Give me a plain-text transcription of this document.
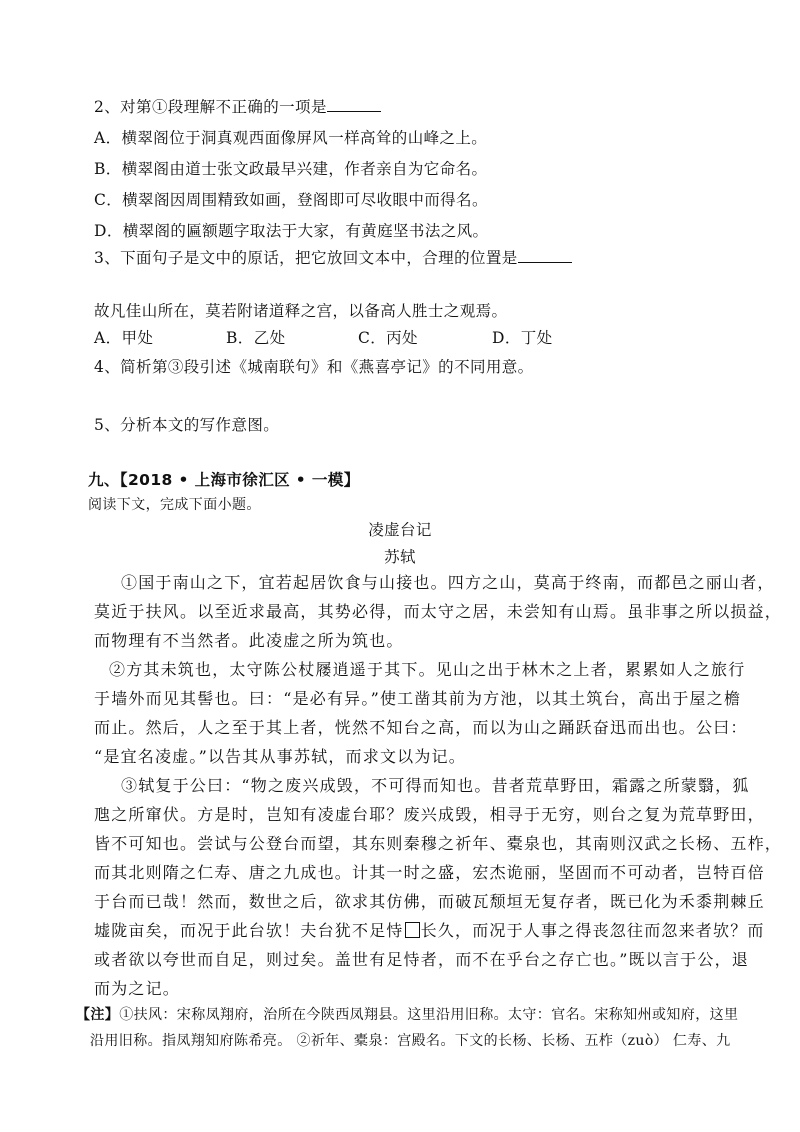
2、对第①段理解不正确的一项是
A．横翠阁位于洞真观西面像屏风一样高耸的山峰之上。
B．横翠阁由道士张文政最早兴建，作者亲自为它命名。
C．横翠阁因周围精致如画，登阁即可尽收眼中而得名。
D．横翠阁的匾额题字取法于大家，有黄庭坚书法之风。
3、下面句子是文中的原话，把它放回文本中，合理的位置是
故凡佳山所在，莫若附诸道释之宫，以备高人胜士之观焉。
A．甲处	B．乙处	C．丙处	D．丁处
4、简析第③段引述《城南联句》和《燕喜亭记》的不同用意。
5、分析本文的写作意图。
九、【2018 • 上海市徐汇区 • 一模】
阅读下文，完成下面小题。
凌虚台记
苏轼
①国于南山之下，宜若起居饮食与山接也。四方之山，莫高于终南，而都邑之丽山者，
莫近于扶风。以至近求最高，其势必得，而太守之居，未尝知有山焉。虽非事之所以损益，
而物理有不当然者。此凌虚之所为筑也。
②方其未筑也，太守陈公杖屦逍遥于其下。见山之出于林木之上者，累累如人之旅行
于墙外而见其髻也。曰：“是必有异。”使工凿其前为方池，以其土筑台，高出于屋之檐
而止。然后，人之至于其上者，恍然不知台之高，而以为山之踊跃奋迅而出也。公曰：
“是宜名凌虚。”以告其从事苏轼，而求文以为记。
③轼复于公曰：“物之废兴成毁，不可得而知也。昔者荒草野田，霜露之所蒙翳，狐
虺之所窜伏。方是时，岂知有凌虚台耶？废兴成毁，相寻于无穷，则台之复为荒草野田，
皆不可知也。尝试与公登台而望，其东则秦穆之祈年、橐泉也，其南则汉武之长杨、五柞，
而其北则隋之仁寿、唐之九成也。计其一时之盛，宏杰诡丽，坚固而不可动者，岂特百倍
于台而已哉！然而，数世之后，欲求其仿佛，而破瓦颓垣无复存者，既已化为禾黍荆棘丘
墟陇亩矣，而况于此台欤！夫台犹不足恃 长久，而况于人事之得丧忽往而忽来者欤？而
或者欲以夸世而自足，则过矣。盖世有足恃者，而不在乎台之存亡也。”既以言于公，退
而为之记。
【注】①扶风：宋称凤翔府，治所在今陕西凤翔县。这里沿用旧称。太守：官名。宋称知州或知府，这里
沿用旧称。指凤翔知府陈希亮。 ②祈年、橐泉：宫殿名。下文的长杨、长杨、五柞（zuò） 仁寿、九
